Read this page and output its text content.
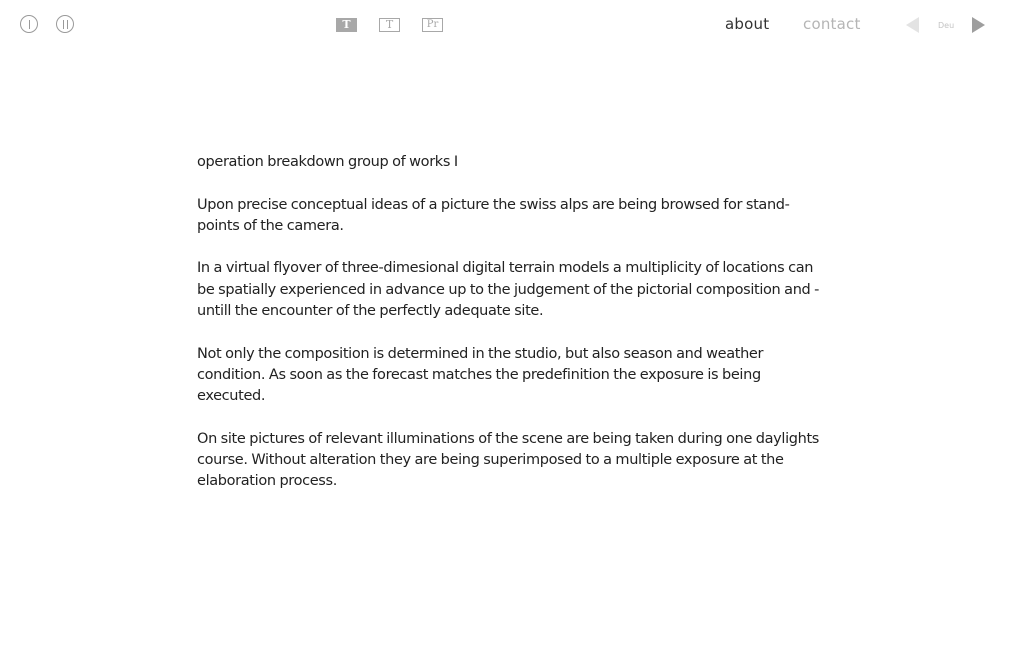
T	T	Pr	about contact	Deu

operation breakdown group of works I

Upon precise conceptual ideas of a picture the swiss alps are being browsed for stand-points of the camera.

In a virtual flyover of three-dimesional digital terrain models a multiplicity of locations can be spatially experienced in advance up to the judgement of the pictorial composition and - untill the encounter of the perfectly adequate site.

Not only the composition is determined in the studio, but also season and weather condition. As soon as the forecast matches the predefinition the exposure is being executed.

On site pictures of relevant illuminations of the scene are being taken during one daylights course. Without alteration they are being superimposed to a multiple exposure at the elaboration process.
